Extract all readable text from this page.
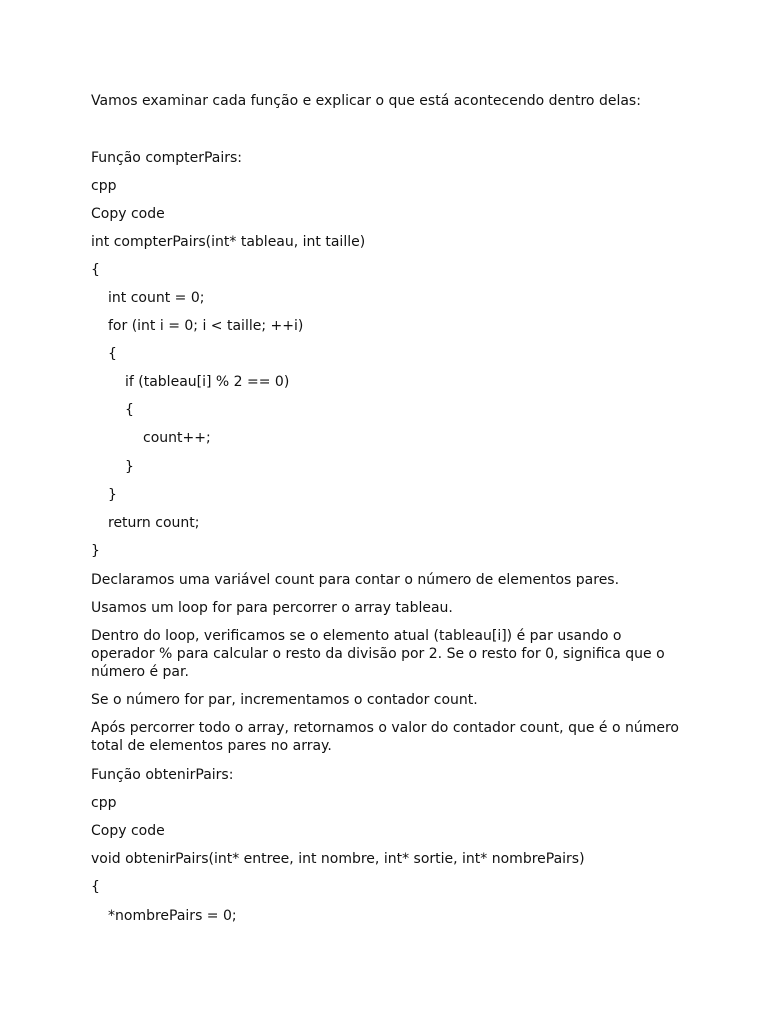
Vamos examinar cada função e explicar o que está acontecendo dentro delas:

Função compterPairs:

cpp

Copy code

int compterPairs(int* tableau, int taille)

{

int count = 0;

for (int i = 0; i < taille; ++i)

{

if (tableau[i] % 2 == 0)

{

count++;

}

}

return count;

}

Declaramos uma variável count para contar o número de elementos pares.

Usamos um loop for para percorrer o array tableau.

Dentro do loop, verificamos se o elemento atual (tableau[i]) é par usando o operador % para calcular o resto da divisão por 2. Se o resto for 0, significa que o número é par.

Se o número for par, incrementamos o contador count.

Após percorrer todo o array, retornamos o valor do contador count, que é o número total de elementos pares no array.

Função obtenirPairs:

cpp

Copy code

void obtenirPairs(int* entree, int nombre, int* sortie, int* nombrePairs)

{

*nombrePairs = 0;
